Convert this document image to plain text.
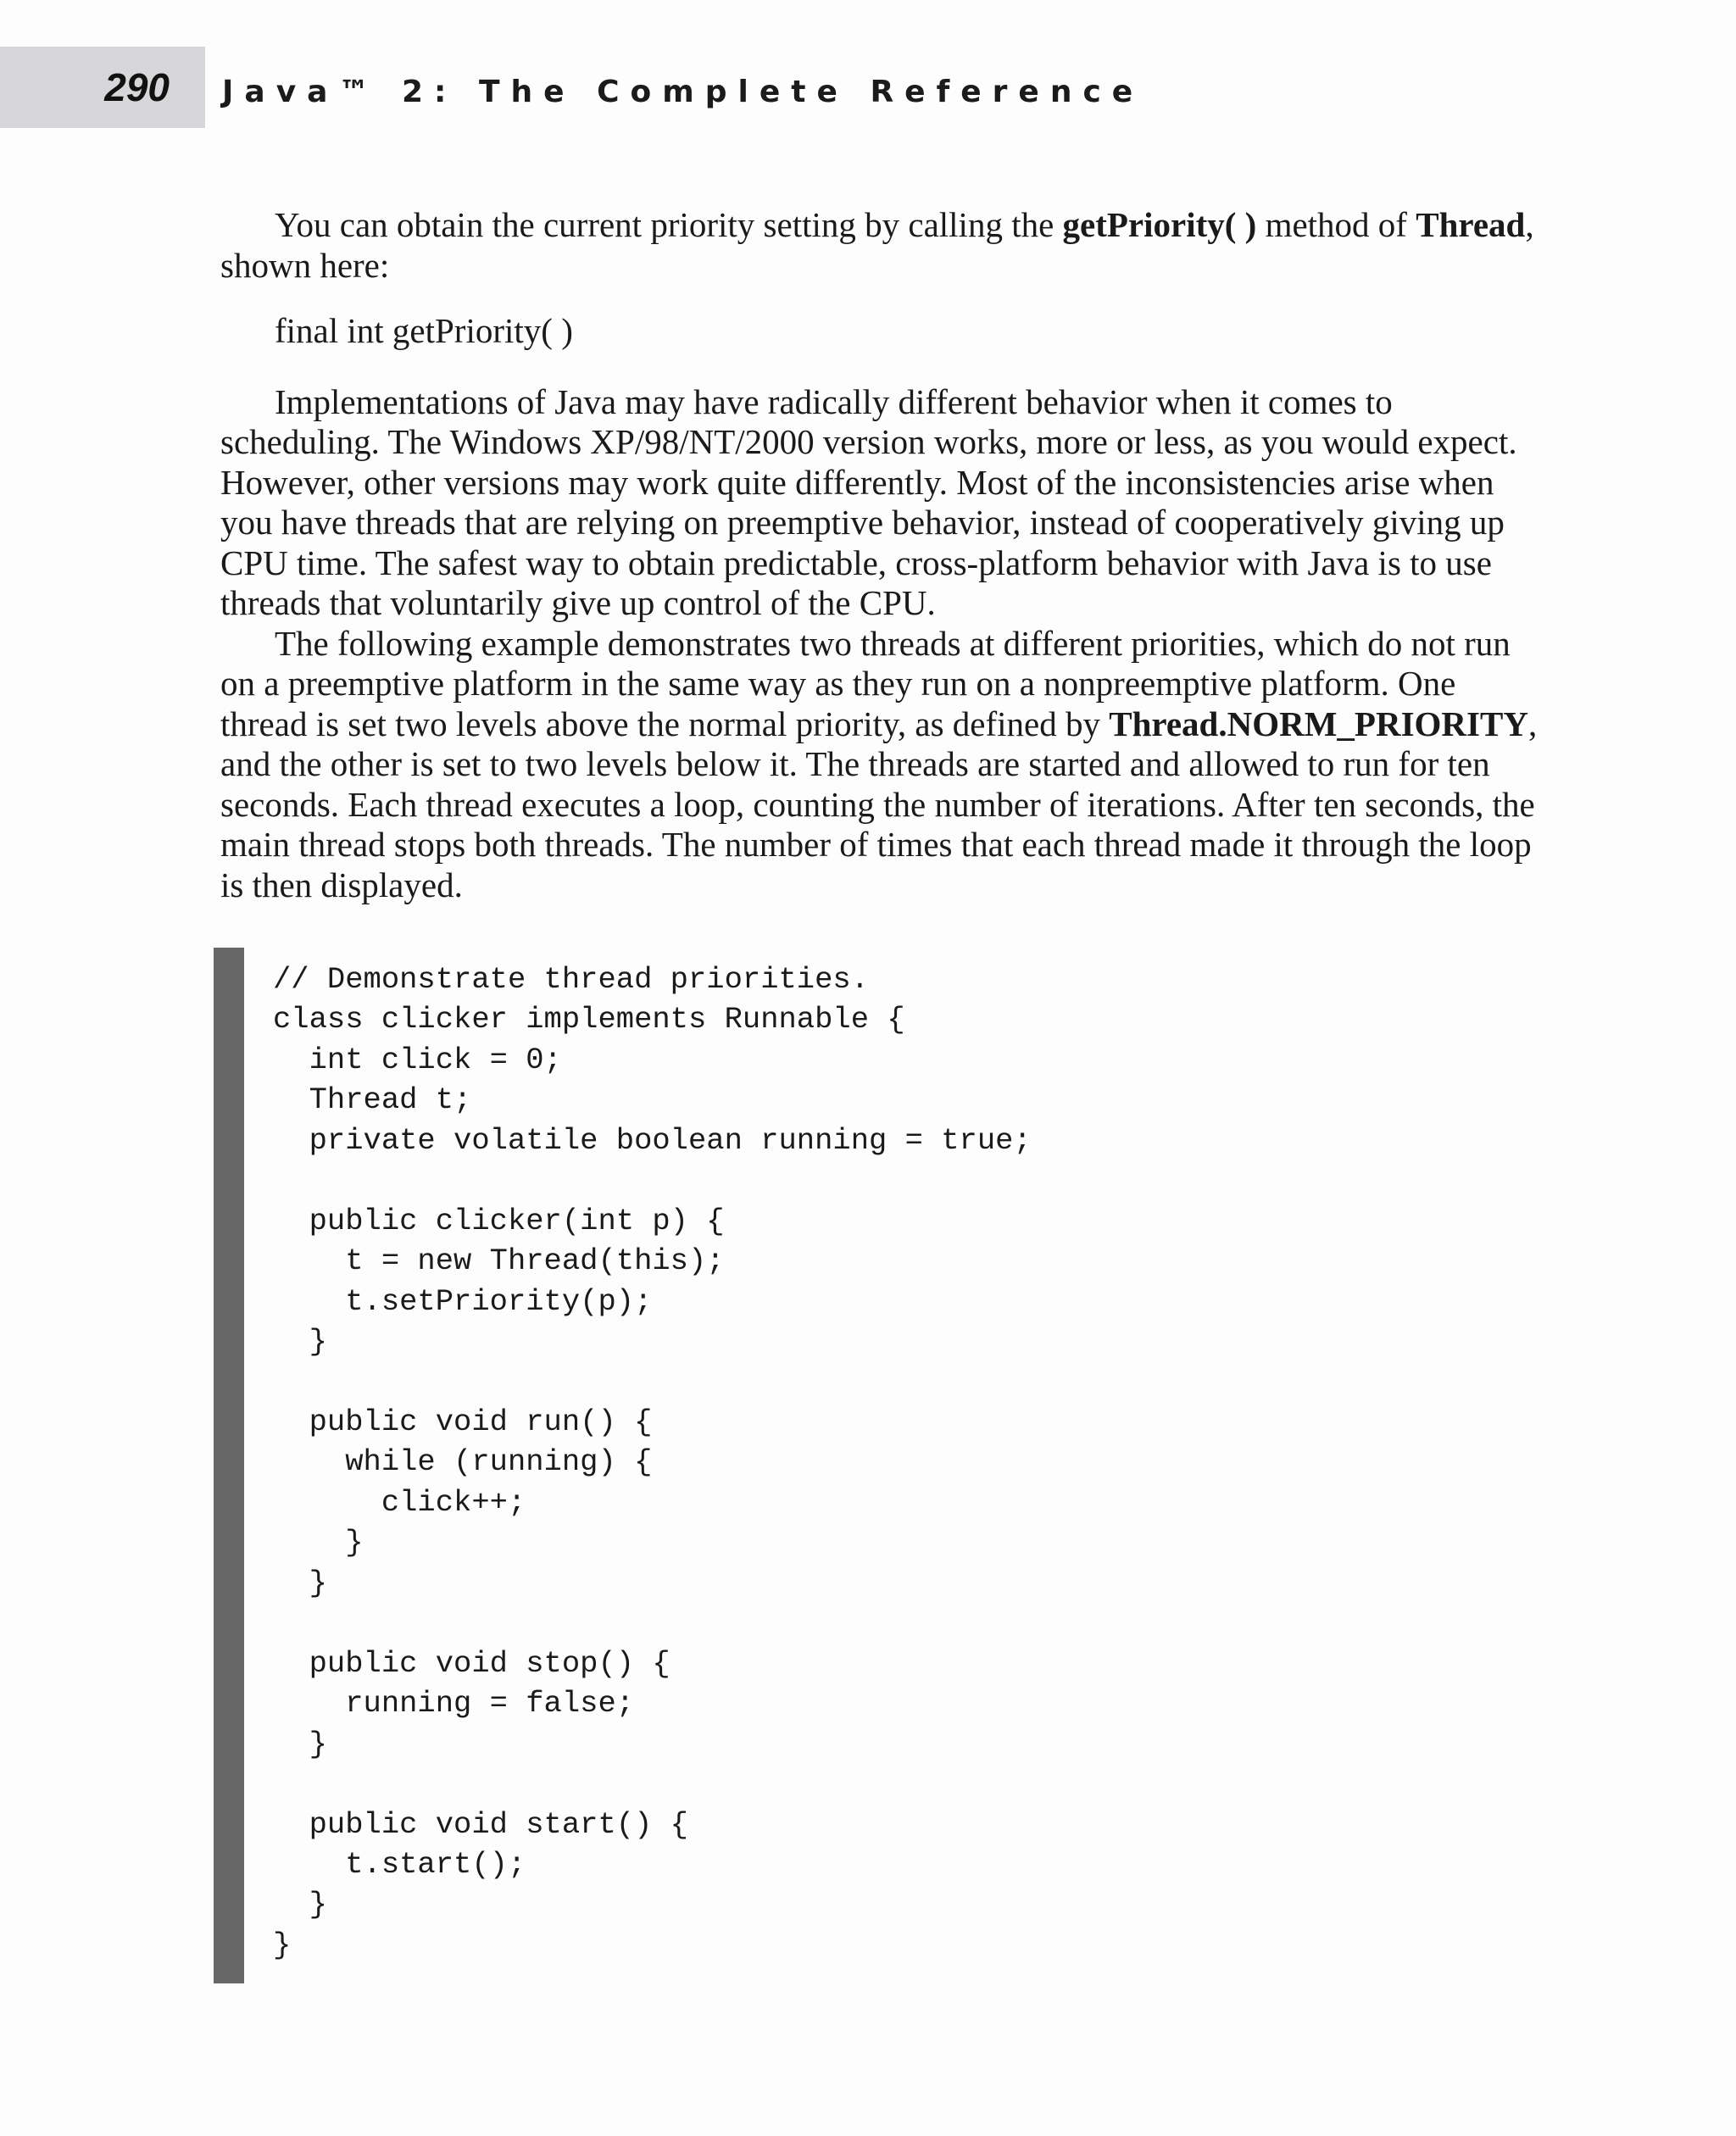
290 Java™ 2: The Complete Reference

You can obtain the current priority setting by calling the getPriority( ) method of Thread, shown here:

final int getPriority( )

Implementations of Java may have radically different behavior when it comes to scheduling. The Windows XP/98/NT/2000 version works, more or less, as you would expect. However, other versions may work quite differently. Most of the inconsistencies arise when you have threads that are relying on preemptive behavior, instead of cooperatively giving up CPU time. The safest way to obtain predictable, cross-platform behavior with Java is to use threads that voluntarily give up control of the CPU.

The following example demonstrates two threads at different priorities, which do not run on a preemptive platform in the same way as they run on a nonpreemptive platform. One thread is set two levels above the normal priority, as defined by Thread.NORM_PRIORITY, and the other is set to two levels below it. The threads are started and allowed to run for ten seconds. Each thread executes a loop, counting the number of iterations. After ten seconds, the main thread stops both threads. The number of times that each thread made it through the loop is then displayed.

// Demonstrate thread priorities.
class clicker implements Runnable {
int click = 0;
Thread t;
private volatile boolean running = true;

public clicker(int p) {
t = new Thread(this);
t.setPriority(p);
}

public void run() {
while (running) {
click++;
}
}

public void stop() {
running = false;
}

public void start() {
t.start();
}
}
